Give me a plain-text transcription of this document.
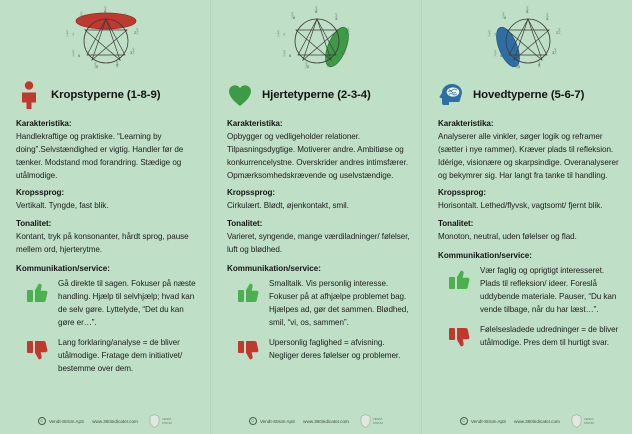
9
1
2
3
4
5
6
7
8
Kropstyperne (1-8-9)
Karakteristika:
Handlekraftige og praktiske. “Learning by doing”.Selvstændighed er vigtig. Handler før de tænker. Modstand mod forandring. Stædige og utålmodige.
Kropssprog:
Vertikalt. Tyngde, fast blik.
Tonalitet:
Kontant, tryk på konsonanter, hårdt sprog, pause mellem ord, hjerterytme.
Kommunikation/service:
Gå direkte til sagen. Fokuser på næste handling. Hjælp til selvhjælp; hvad kan de selv gøre. Lyttelyde, “Det du kan gøre er…”.
Lang forklaring/analyse = de bliver utålmodige. Fratage dem initiativet/ bestemme over dem.
C	Vendt-Strüm ApS www.360indicator.com	VENDT-
STRÜM
9
1
2
3
4
5
6
7
8
Hjertetyperne (2-3-4)
Karakteristika:
Opbygger og vedligeholder relationer. Tilpasningsdygtige. Motiverer andre. Ambitiøse og konkurrencelystne. Overskrider andres intimsfærer. Opmærksomhedskrævende og uselvstændige.
Kropssprog:
Cirkulært. Blødt, øjenkontakt, smil.
Tonalitet:
Varieret, syngende, mange værdiladninger/ følelser, luft og blødhed.
Kommunikation/service:
Smalltalk. Vis personlig interesse. Fokuser på at afhjælpe problemet bag. Hjælpes ad, gør det sammen. Blødhed, smil, “vi, os, sammen”.
Upersonlig faglighed = afvisning. Negliger deres følelser og problemer.
C	Vendt-Strüm ApS www.360indicator.com	VENDT-
STRÜM
9
1
2
3
4
5
6
7
8
Hovedtyperne (5-6-7)
Karakteristika:
Analyserer alle vinkler, søger logik og reframer (sætter i nye rammer). Kræver plads til refleksion. Idérige, visionære og skarpsindige. Overanalyserer og bekymrer sig. Har langt fra tanke til handling.
Kropssprog:
Horisontalt. Lethed/flyvsk, vagtsomt/ fjernt blik.
Tonalitet:
Monoton, neutral, uden følelser og flad.
Kommunikation/service:
Vær faglig og oprigtigt interesseret. Plads til refleksion/ ideer. Foreslå uddybende materiale. Pauser, “Du kan vende tilbage, når du har læst…”.
Følelsesladede udredninger = de bliver utålmodige. Pres dem til hurtigt svar.
C	Vendt-Strüm ApS www.360indicator.com	VENDT-
STRÜM
